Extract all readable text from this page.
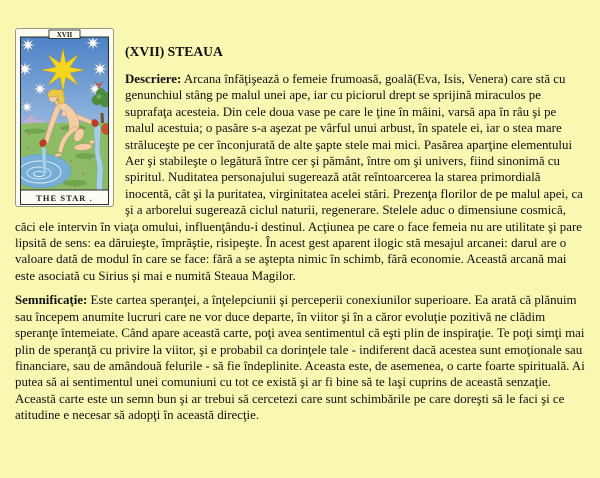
XVII
THE STAR .
(XVII) STEAUA

Descriere: Arcana înfăţişează o femeie frumoasă, goală(Eva, Isis, Venera) care stă cu genunchiul stâng pe malul unei ape, iar cu piciorul drept se sprijină miraculos pe suprafaţa acesteia. Din cele doua vase pe care le ţine în mâini, varsă apa în râu şi pe malul acestuia; o pasăre s-a aşezat pe vârful unui arbust, în spatele ei, iar o stea mare străluceşte pe cer înconjurată de alte şapte stele mai mici. Pasărea aparţine elementului Aer şi stabileşte o legătură între cer şi pământ, între om şi univers, fiind sinonimă cu spiritul. Nuditatea personajului sugerează atât reîntoarcerea la starea primordială inocentă, cât şi la puritatea, virginitatea acelei stări. Prezenţa florilor de pe malul apei, ca şi a arborelui sugerează ciclul naturii, regenerare. Stelele aduc o dimensiune cosmică, căci ele intervin în viaţa omului, influenţându-i destinul. Acţiunea pe care o face femeia nu are utilitate şi pare lipsită de sens: ea dăruieşte, împrăştie, risipeşte. În acest gest aparent ilogic stă mesajul arcanei: darul are o valoare dată de modul în care se face: fără a se aştepta nimic în schimb, fără economie. Această arcană mai este asociată cu Sirius şi mai e numită Steaua Magilor.

Semnificaţie: Este cartea speranţei, a înţelepciunii şi perceperii conexiunilor superioare. Ea arată că plănuim sau începem anumite lucruri care ne vor duce departe, în viitor şi în a căror evoluţie pozitivă ne clădim speranţe întemeiate. Când apare această carte, poţi avea sentimentul că eşti plin de inspiraţie. Te poţi simţi mai plin de speranţă cu privire la viitor, şi e probabil ca dorinţele tale - indiferent dacă acestea sunt emoţionale sau financiare, sau de amândouă felurile - să fie îndeplinite. Aceasta este, de asemenea, o carte foarte spirituală. Ai putea să ai sentimentul unei comuniuni cu tot ce există şi ar fi bine să te laşi cuprins de această senzaţie. Această carte este un semn bun şi ar trebui să cercetezi care sunt schimbările pe care doreşti să le faci şi ce atitudine e necesar să adopţi în această direcţie.
